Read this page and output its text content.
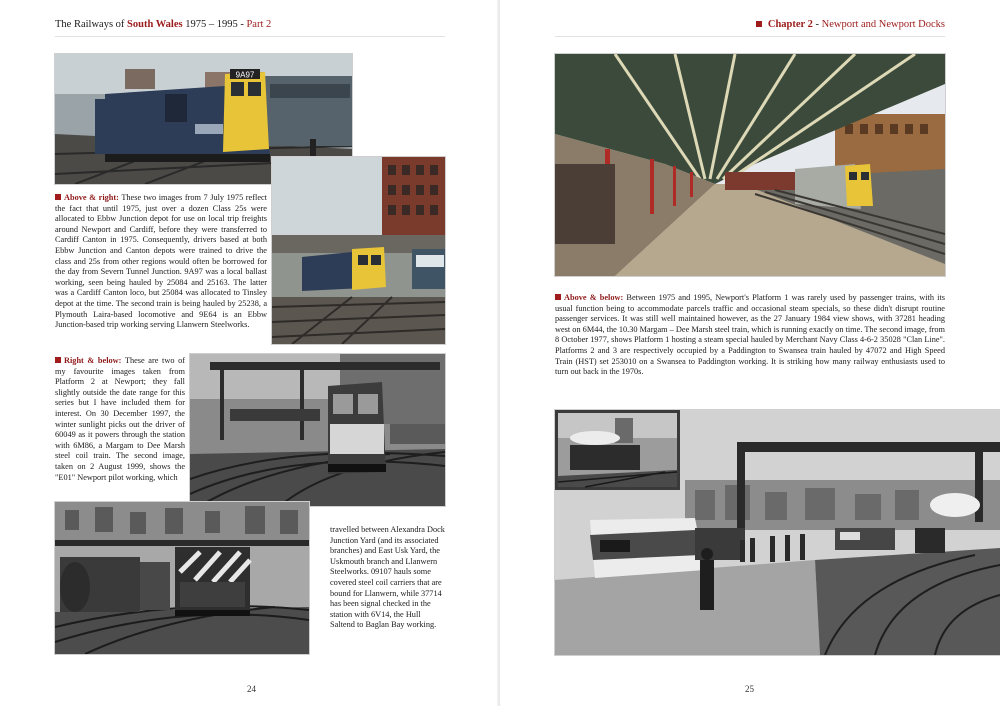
The Railways of South Wales 1975 – 1995 - Part 2
9A97
Above & right: These two images from 7 July 1975 reflect the fact that until 1975, just over a dozen Class 25s were allocated to Ebbw Junction depot for use on local trip freights around Newport and Cardiff, before they were transferred to Cardiff Canton in 1975. Consequently, drivers based at both Ebbw Junction and Canton depots were trained to drive the class and 25s from other regions would often be borrowed for the day from Severn Tunnel Junction. 9A97 was a local ballast working, seen being hauled by 25084 and 25163. The latter was a Cardiff Canton loco, but 25084 was allocated to Tinsley depot at the time. The second train is being hauled by 25238, a Plymouth Laira-based locomotive and 9E64 is an Ebbw Junction-based trip working serving Llanwern Steelworks.
Right & below: These are two of my favourite images taken from Platform 2 at Newport; they fall slightly outside the date range for this series but I have included them for interest. On 30 December 1997, the winter sunlight picks out the driver of 60049 as it powers through the station with 6M86, a Margam to Dee Marsh steel coil train. The second image, taken on 2 August 1999, shows the "E01" Newport pilot working, which
travelled between Alexandra Dock Junction Yard (and its associated branches) and East Usk Yard, the Uskmouth branch and Llanwern Steelworks. 09107 hauls some covered steel coil carriers that are bound for Llanwern, while 37714 has been signal checked in the station with 6V14, the Hull Saltend to Baglan Bay working.
24
Chapter 2 - Newport and Newport Docks
Above & below: Between 1975 and 1995, Newport's Platform 1 was rarely used by passenger trains, with its usual function being to accommodate parcels traffic and occasional steam specials, so these didn't disrupt routine passenger services. It was still well maintained however, as the 27 January 1984 view shows, with 37281 heading west on 6M44, the 10.30 Margam – Dee Marsh steel train, which is running exactly on time. The second image, from 8 October 1977, shows Platform 1 hosting a steam special hauled by Merchant Navy Class 4-6-2 35028 "Clan Line". Platforms 2 and 3 are respectively occupied by a Paddington to Swansea train hauled by 47072 and High Speed Train (HST) set 253010 on a Swansea to Paddington working. It is striking how many railway enthusiasts used to turn out back in the 1970s.
25
